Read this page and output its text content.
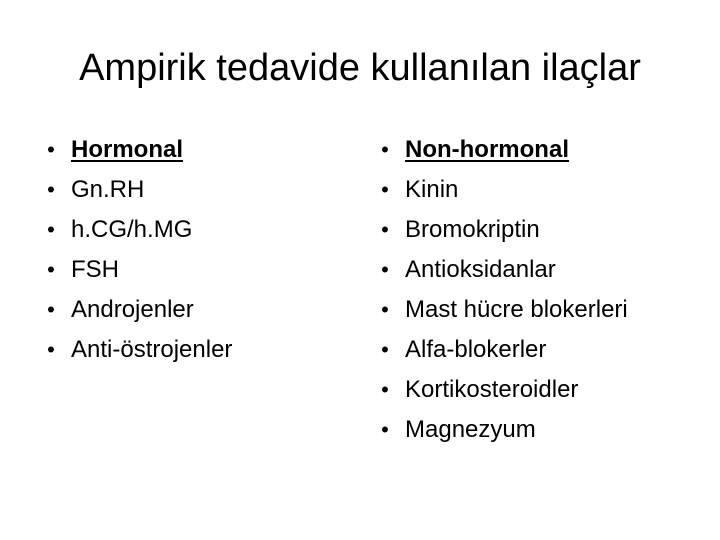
Ampirik tedavide kullanılan ilaçlar
• Hormonal
• Gn.RH
• h.CG/h.MG
• FSH
• Androjenler
• Anti-östrojenler
• Non-hormonal
• Kinin
• Bromokriptin
• Antioksidanlar
• Mast hücre blokerleri
• Alfa-blokerler
• Kortikosteroidler
• Magnezyum
